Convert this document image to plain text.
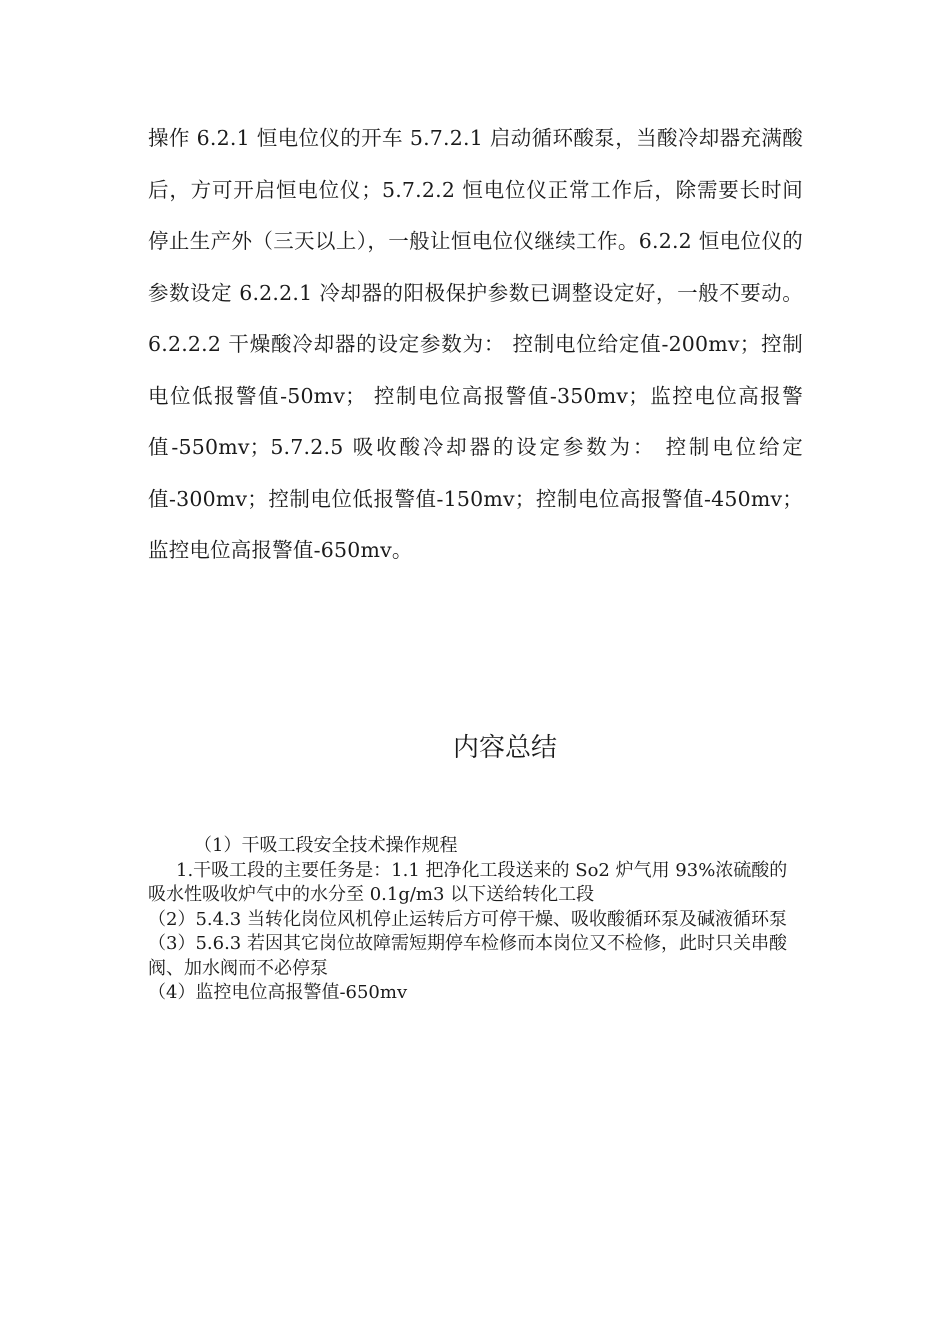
操作 6.2.1 恒电位仪的开车 5.7.2.1 启动循环酸泵，当酸冷却器充满酸后，方可开启恒电位仪；5.7.2.2 恒电位仪正常工作后，除需要长时间停止生产外（三天以上），一般让恒电位仪继续工作。6.2.2 恒电位仪的参数设定 6.2.2.1 冷却器的阳极保护参数已调整设定好，一般不要动。6.2.2.2 干燥酸冷却器的设定参数为： 控制电位给定值-200mv；控制电位低报警值-50mv； 控制电位高报警值-350mv；监控电位高报警值-550mv；5.7.2.5 吸收酸冷却器的设定参数为： 控制电位给定值-300mv；控制电位低报警值-150mv；控制电位高报警值-450mv；监控电位高报警值-650mv。

内容总结

（1）干吸工段安全技术操作规程

1.干吸工段的主要任务是：1.1 把净化工段送来的 So2 炉气用 93%浓硫酸的吸水性吸收炉气中的水分至 0.1g/m3 以下送给转化工段

（2）5.4.3 当转化岗位风机停止运转后方可停干燥、吸收酸循环泵及碱液循环泵

（3）5.6.3 若因其它岗位故障需短期停车检修而本岗位又不检修，此时只关串酸阀、加水阀而不必停泵

（4）监控电位高报警值-650mv
